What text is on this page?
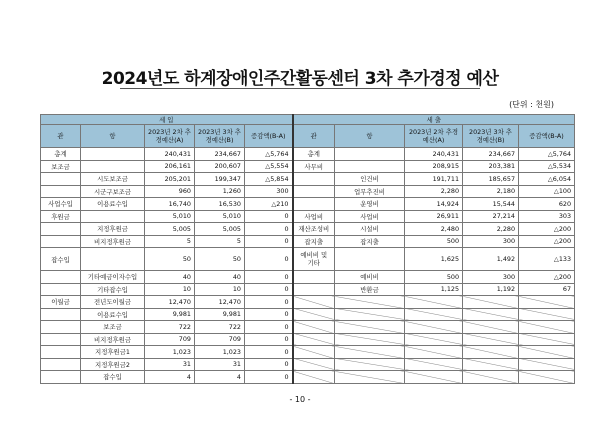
2024년도 하계장애인주간활동센터 3차 추가경정 예산
(단위 : 천원)
세 입					세 출				
관	항	2023년 2차 추경예산(A)	2023년 3차 추경예산(B)	증감액(B-A)	관	항	2023년 2차 추경예산(A)	2023년 3차 추경예산(B)	증감액(B-A)
총계		240,431	234,667	△5,764	총계		240,431	234,667	△5,764
보조금		206,161	200,607	△5,554	사무비		208,915	203,381	△5,534
	시도보조금	205,201	199,347	△5,854		인건비	191,711	185,657	△6,054
	시군구보조금	960	1,260	300		업무추진비	2,280	2,180	△100
사업수입	이용료수입	16,740	16,530	△210		운영비	14,924	15,544	620
후원금		5,010	5,010	0	사업비	사업비	26,911	27,214	303
	지정후원금	5,005	5,005	0	재산조성비	시설비	2,480	2,280	△200
	비지정후원금	5	5	0	잡지출	잡지출	500	300	△200
잡수입		50	50	0	예비비 및 기타		1,625	1,492	△133
	기타예금이자수입	40	40	0		예비비	500	300	△200
	기타잡수입	10	10	0		반환금	1,125	1,192	67
이월금	전년도이월금	12,470	12,470	0					
	이용료수입	9,981	9,981	0					
	보조금	722	722	0					
	비지정후원금	709	709	0					
	지정후원금1	1,023	1,023	0					
	지정후원금2	31	31	0					
	잡수입	4	4	0					
- 10 -
